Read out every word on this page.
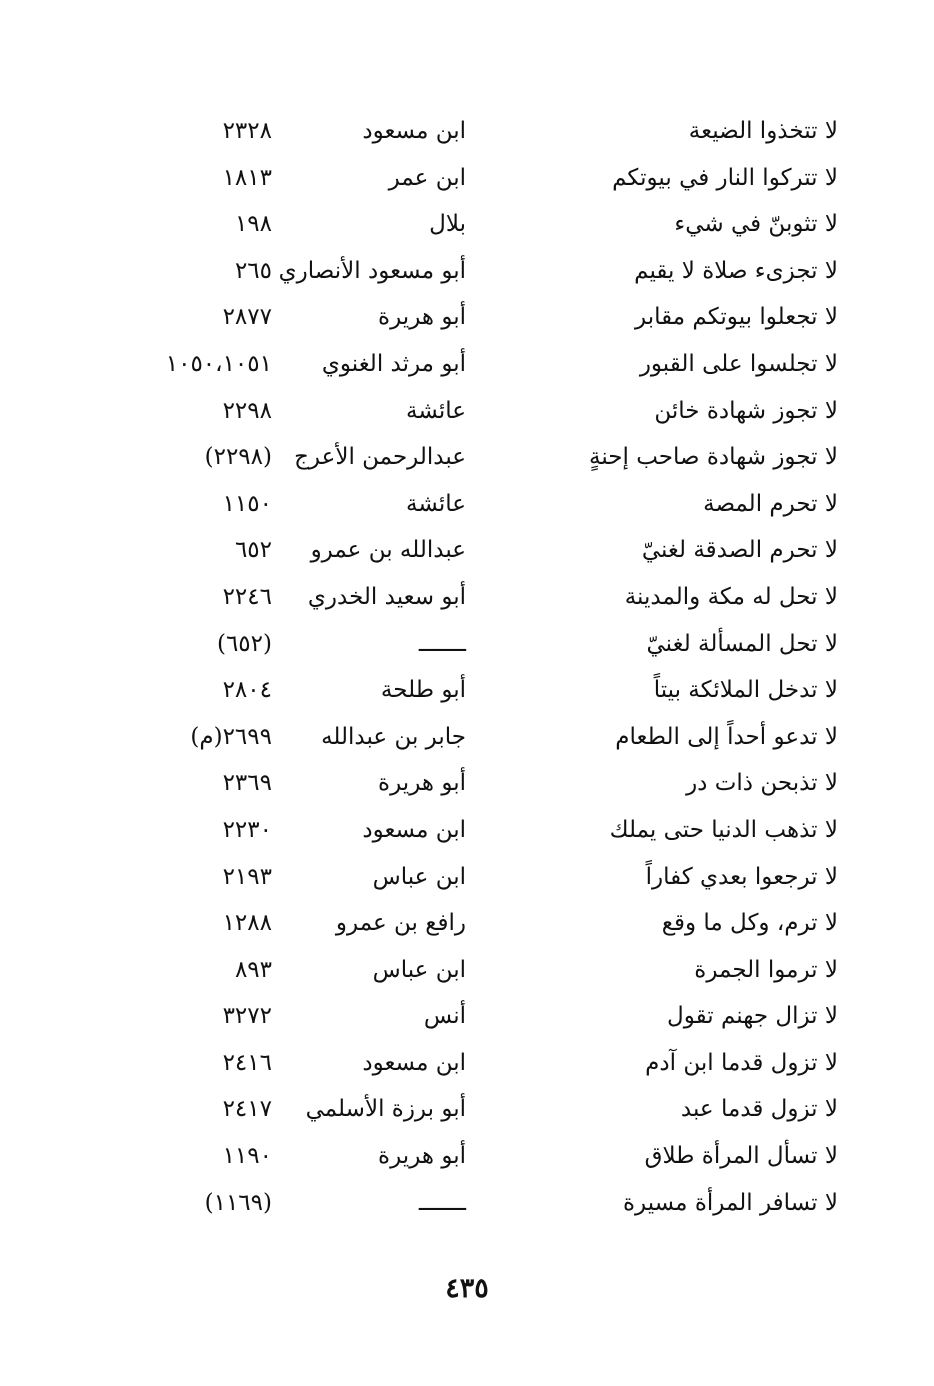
لا تتخذوا الضيعة
ابن مسعود
٢٣٢٨
لا تتركوا النار في بيوتكم
ابن عمر
١٨١٣
لا تثوبنّ في شيء
بلال
١٩٨
لا تجزىء صلاة لا يقيم
أبو مسعود الأنصاري
٢٦٥
لا تجعلوا بيوتكم مقابر
أبو هريرة
٢٨٧٧
لا تجلسوا على القبور
أبو مرثد الغنوي
١٠٥٠،١٠٥١
لا تجوز شهادة خائن
عائشة
٢٢٩٨
لا تجوز شهادة صاحب إحنةٍ
عبدالرحمن الأعرج
(٢٢٩٨)
لا تحرم المصة
عائشة
١١٥٠
لا تحرم الصدقة لغنيّ
عبدالله بن عمرو
٦٥٢
لا تحل له مكة والمدينة
أبو سعيد الخدري
٢٢٤٦
لا تحل المسألة لغنيّ
ـــــــ
(٦٥٢)
لا تدخل الملائكة بيتاً
أبو طلحة
٢٨٠٤
لا تدعو أحداً إلى الطعام
جابر بن عبدالله
٢٦٩٩(م)
لا تذبحن ذات در
أبو هريرة
٢٣٦٩
لا تذهب الدنيا حتى يملك
ابن مسعود
٢٢٣٠
لا ترجعوا بعدي كفاراً
ابن عباس
٢١٩٣
لا ترم، وكل ما وقع
رافع بن عمرو
١٢٨٨
لا ترموا الجمرة
ابن عباس
٨٩٣
لا تزال جهنم تقول
أنس
٣٢٧٢
لا تزول قدما ابن آدم
ابن مسعود
٢٤١٦
لا تزول قدما عبد
أبو برزة الأسلمي
٢٤١٧
لا تسأل المرأة طلاق
أبو هريرة
١١٩٠
لا تسافر المرأة مسيرة
ـــــــ
(١١٦٩)
٤٣٥
